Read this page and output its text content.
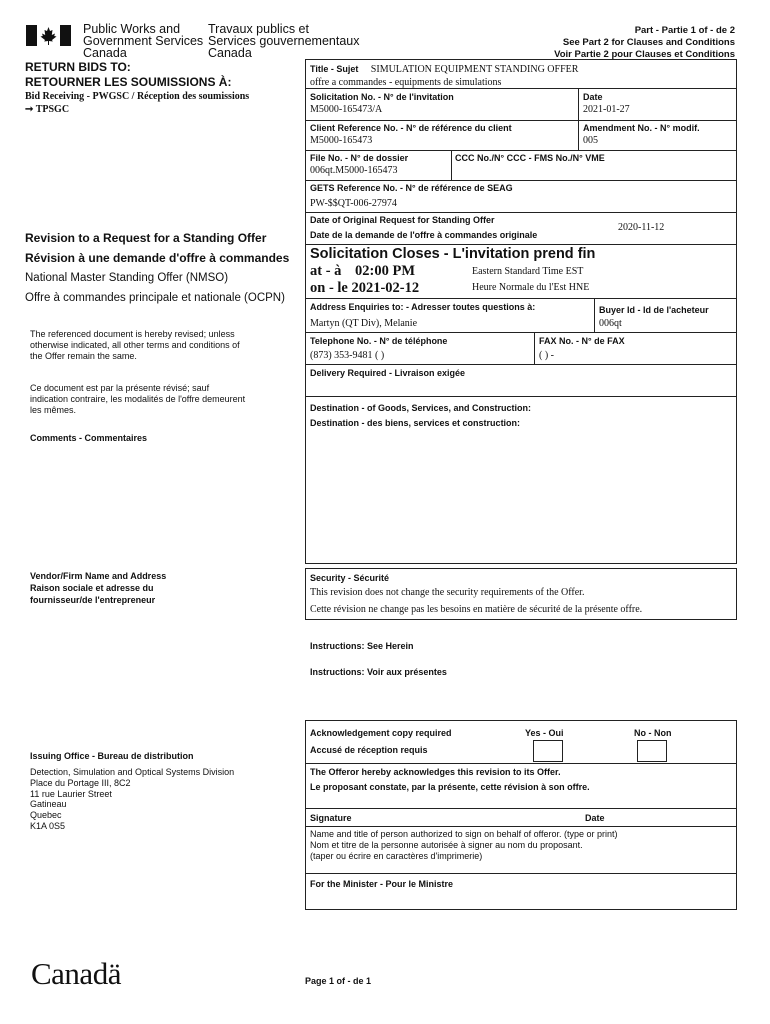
Public Works and
Government Services
Canada
Travaux publics et
Services gouvernementaux
Canada
Part - Partie 1 of - de 2
See Part 2 for Clauses and Conditions
Voir Partie 2 pour Clauses et Conditions
RETURN BIDS TO:
RETOURNER LES SOUMISSIONS À:
Bid Receiving - PWGSC / Réception des soumissions
➞ TPSGC
Revision to a Request for a Standing Offer
Révision à une demande d'offre à commandes
National Master Standing Offer (NMSO)
Offre à commandes principale et nationale (OCPN)
The referenced document is hereby revised; unless
otherwise indicated, all other terms and conditions of
the Offer remain the same.
Ce document est par la présente révisé; sauf
indication contraire, les modalités de l'offre demeurent
les mêmes.
Comments - Commentaires
Vendor/Firm Name and Address
Raison sociale et adresse du
fournisseur/de l'entrepreneur
Issuing Office - Bureau de distribution
Detection, Simulation and Optical Systems Division
Place du Portage III, 8C2
11 rue Laurier Street
Gatineau
Quebec
K1A 0S5
Title - Sujet SIMULATION EQUIPMENT STANDING OFFER
offre a commandes - equipments de simulations
Solicitation No. - N° de l'invitation
M5000-165473/A
Date
2021-01-27
Client Reference No. - N° de référence du client
M5000-165473
Amendment No. - N° modif.
005
File No. - N° de dossier
006qt.M5000-165473
CCC No./N° CCC - FMS No./N° VME
GETS Reference No. - N° de référence de SEAG
PW-$$QT-006-27974
Date of Original Request for Standing Offer
Date de la demande de l'offre à commandes originale
2020-11-12
Solicitation Closes - L'invitation prend fin
at - à 02:00 PM
on - le 2021-02-12
Eastern Standard Time EST
Heure Normale du l'Est HNE
Address Enquiries to: - Adresser toutes questions à:
Martyn (QT Div), Melanie
Buyer Id - Id de l'acheteur
006qt
Telephone No. - N° de téléphone
(873) 353-9481 ( )
FAX No. - N° de FAX
( ) -
Delivery Required - Livraison exigée
Destination - of Goods, Services, and Construction:
Destination - des biens, services et construction:
Security - Sécurité
This revision does not change the security requirements of the Offer.
Cette révision ne change pas les besoins en matière de sécurité de la présente offre.
Instructions: See Herein
Instructions: Voir aux présentes
Acknowledgement copy required
Accusé de réception requis
Yes - Oui	No - Non
The Offeror hereby acknowledges this revision to its Offer.
Le proposant constate, par la présente, cette révision à son offre.
Signature	Date
Name and title of person authorized to sign on behalf of offeror. (type or print)
Nom et titre de la personne autorisée à signer au nom du proposant.
(taper ou écrire en caractères d'imprimerie)
For the Minister - Pour le Ministre
Canadä	Page 1 of - de 1
